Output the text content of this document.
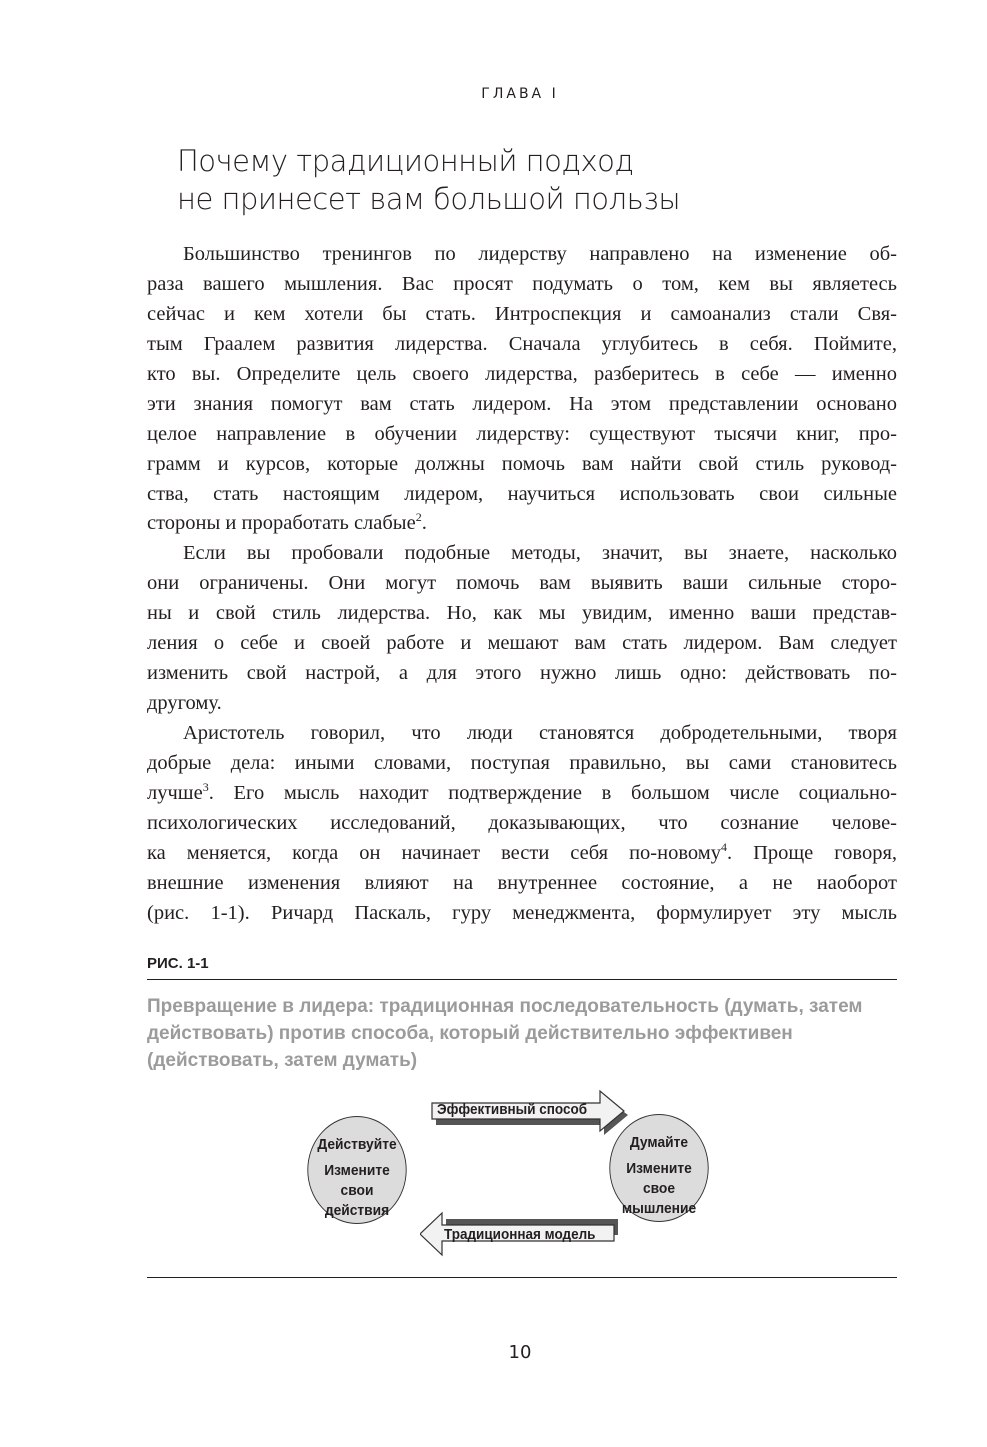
ГЛАВА I
Почему традиционный подход
не принесет вам большой пользы
Большинство тренингов по лидерству направлено на изменение об-
раза вашего мышления. Вас просят подумать о том, кем вы являетесь
сейчас и кем хотели бы стать. Интроспекция и самоанализ стали Свя-
тым Граалем развития лидерства. Сначала углубитесь в себя. Поймите,
кто вы. Определите цель своего лидерства, разберитесь в себе — именно
эти знания помогут вам стать лидером. На этом представлении основано
целое направление в обучении лидерству: существуют тысячи книг, про-
грамм и курсов, которые должны помочь вам найти свой стиль руковод-
ства, стать настоящим лидером, научиться использовать свои сильные
стороны и проработать слабые$^2$.
Если вы пробовали подобные методы, значит, вы знаете, насколько
они ограничены. Они могут помочь вам выявить ваши сильные сторо-
ны и свой стиль лидерства. Но, как мы увидим, именно ваши представ-
ления о себе и своей работе и мешают вам стать лидером. Вам следует
изменить свой настрой, а для этого нужно лишь одно: действовать по-
другому.
Аристотель говорил, что люди становятся добродетельными, творя
добрые дела: иными словами, поступая правильно, вы сами становитесь
лучше$^3$. Его мысль находит подтверждение в большом числе социально-
психологических исследований, доказывающих, что сознание челове-
ка меняется, когда он начинает вести себя по-новому$^4$. Проще говоря,
внешние изменения влияют на внутреннее состояние, а не наоборот
(рис. 1-1). Ричард Паскаль, гуру менеджмента, формулирует эту мысль
РИС. 1-1
Превращение в лидера: традиционная последовательность (думать, затем действовать) против способа, который действительно эффективен (действовать, затем думать)
Эффективный способ
Традиционная модель
Действуйте
Измените
свои
действия
Думайте
Измените
свое
мышление
10
